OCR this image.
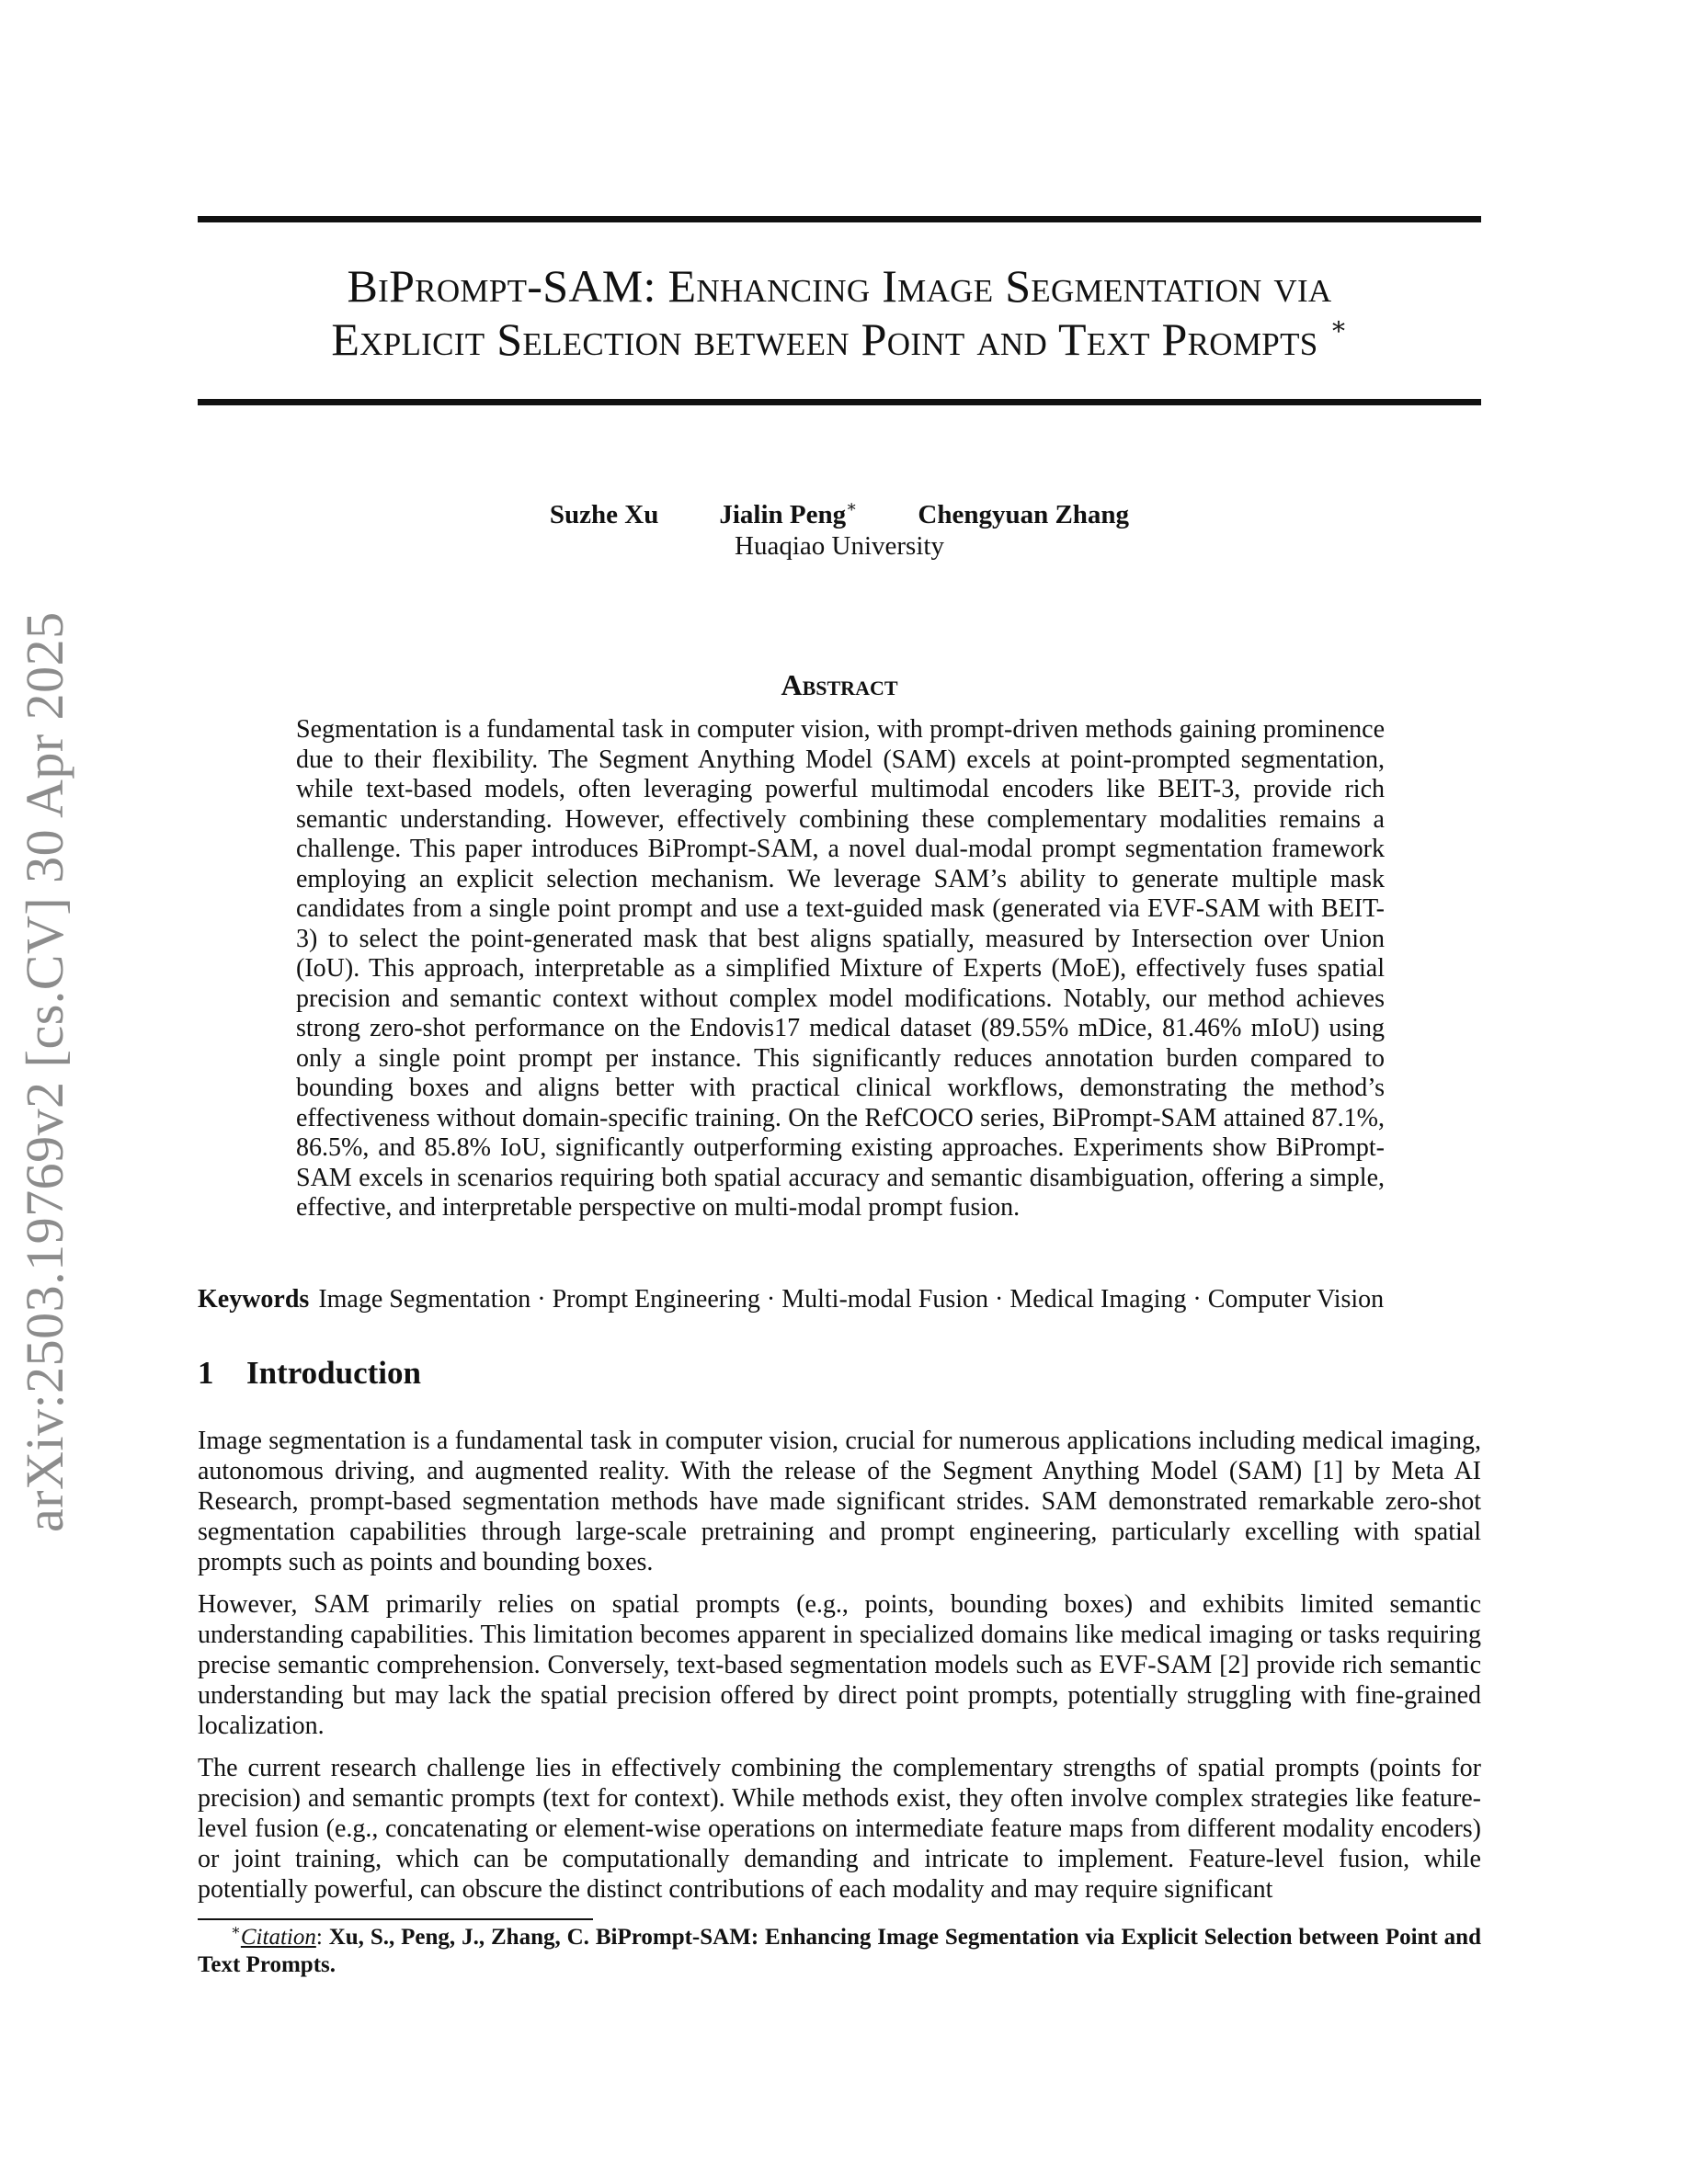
BiPrompt-SAM: Enhancing Image Segmentation via
Explicit Selection between Point and Text Prompts ∗
Suzhe Xu Jialin Peng∗ Chengyuan Zhang
Huaqiao University
arXiv:2503.19769v2 [cs.CV] 30 Apr 2025	Abstract
Segmentation is a fundamental task in computer vision, with prompt-driven methods gaining prominence due to their flexibility. The Segment Anything Model (SAM) excels at point-prompted segmentation, while text-based models, often leveraging powerful multimodal encoders like BEIT-3, provide rich semantic understanding. However, effectively combining these complementary modalities remains a challenge. This paper introduces BiPrompt-SAM, a novel dual-modal prompt segmentation framework employing an explicit selection mechanism. We leverage SAM’s ability to generate multiple mask candidates from a single point prompt and use a text-guided mask (generated via EVF-SAM with BEIT-3) to select the point-generated mask that best aligns spatially, measured by Intersection over Union (IoU). This approach, interpretable as a simplified Mixture of Experts (MoE), effectively fuses spatial precision and semantic context without complex model modifications. Notably, our method achieves strong zero-shot performance on the Endovis17 medical dataset (89.55% mDice, 81.46% mIoU) using only a single point prompt per instance. This significantly reduces annotation burden compared to bounding boxes and aligns better with practical clinical workflows, demonstrating the method’s effectiveness without domain-specific training. On the RefCOCO series, BiPrompt-SAM attained 87.1%, 86.5%, and 85.8% IoU, significantly outperforming existing approaches. Experiments show BiPrompt-SAM excels in scenarios requiring both spatial accuracy and semantic disambiguation, offering a simple, effective, and interpretable perspective on multi-modal prompt fusion.
Keywords Image Segmentation · Prompt Engineering · Multi-modal Fusion · Medical Imaging · Computer Vision
1 Introduction

Image segmentation is a fundamental task in computer vision, crucial for numerous applications including medical imaging, autonomous driving, and augmented reality. With the release of the Segment Anything Model (SAM) [1] by Meta AI Research, prompt-based segmentation methods have made significant strides. SAM demonstrated remarkable zero-shot segmentation capabilities through large-scale pretraining and prompt engineering, particularly excelling with spatial prompts such as points and bounding boxes.

However, SAM primarily relies on spatial prompts (e.g., points, bounding boxes) and exhibits limited semantic understanding capabilities. This limitation becomes apparent in specialized domains like medical imaging or tasks requiring precise semantic comprehension. Conversely, text-based segmentation models such as EVF-SAM [2] provide rich semantic understanding but may lack the spatial precision offered by direct point prompts, potentially struggling with fine-grained localization.

The current research challenge lies in effectively combining the complementary strengths of spatial prompts (points for precision) and semantic prompts (text for context). While methods exist, they often involve complex strategies like feature-level fusion (e.g., concatenating or element-wise operations on intermediate feature maps from different modality encoders) or joint training, which can be computationally demanding and intricate to implement. Feature-level fusion, while potentially powerful, can obscure the distinct contributions of each modality and may require significant

∗Citation: Xu, S., Peng, J., Zhang, C. BiPrompt-SAM: Enhancing Image Segmentation via Explicit Selection between Point and Text Prompts.
